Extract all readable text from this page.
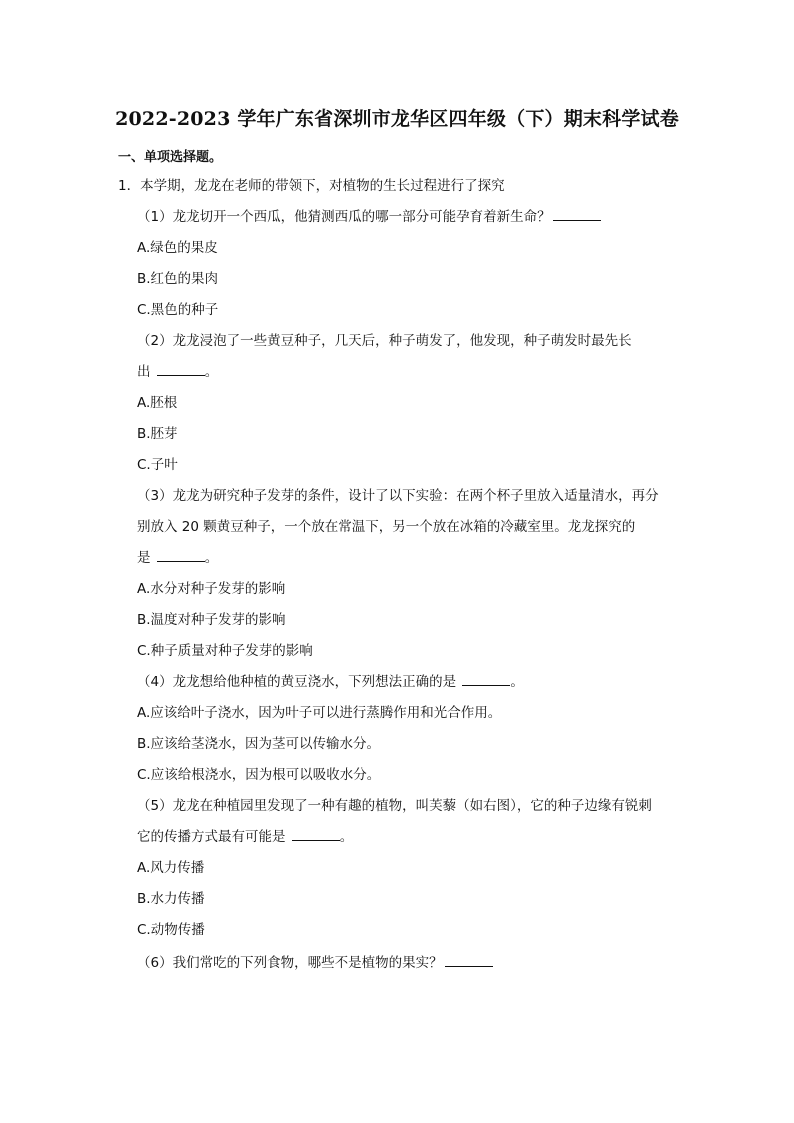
2022-2023 学年广东省深圳市龙华区四年级（下）期末科学试卷
一、单项选择题。
1．本学期，龙龙在老师的带领下，对植物的生长过程进行了探究
（1）龙龙切开一个西瓜，他猜测西瓜的哪一部分可能孕育着新生命？
A.绿色的果皮
B.红色的果肉
C.黑色的种子
（2）龙龙浸泡了一些黄豆种子，几天后，种子萌发了，他发现，种子萌发时最先长
出	。
A.胚根
B.胚芽
C.子叶
（3）龙龙为研究种子发芽的条件，设计了以下实验：在两个杯子里放入适量清水，再分
别放入 20 颗黄豆种子，一个放在常温下，另一个放在冰箱的冷藏室里。龙龙探究的
是	。
A.水分对种子发芽的影响
B.温度对种子发芽的影响
C.种子质量对种子发芽的影响
（4）龙龙想给他种植的黄豆浇水，下列想法正确的是	。
A.应该给叶子浇水，因为叶子可以进行蒸腾作用和光合作用。
B.应该给茎浇水，因为茎可以传输水分。
C.应该给根浇水，因为根可以吸收水分。
（5）龙龙在种植园里发现了一种有趣的植物，叫芙藜（如右图），它的种子边缘有锐刺
它的传播方式最有可能是	。
A.风力传播
B.水力传播
C.动物传播
（6）我们常吃的下列食物，哪些不是植物的果实？
